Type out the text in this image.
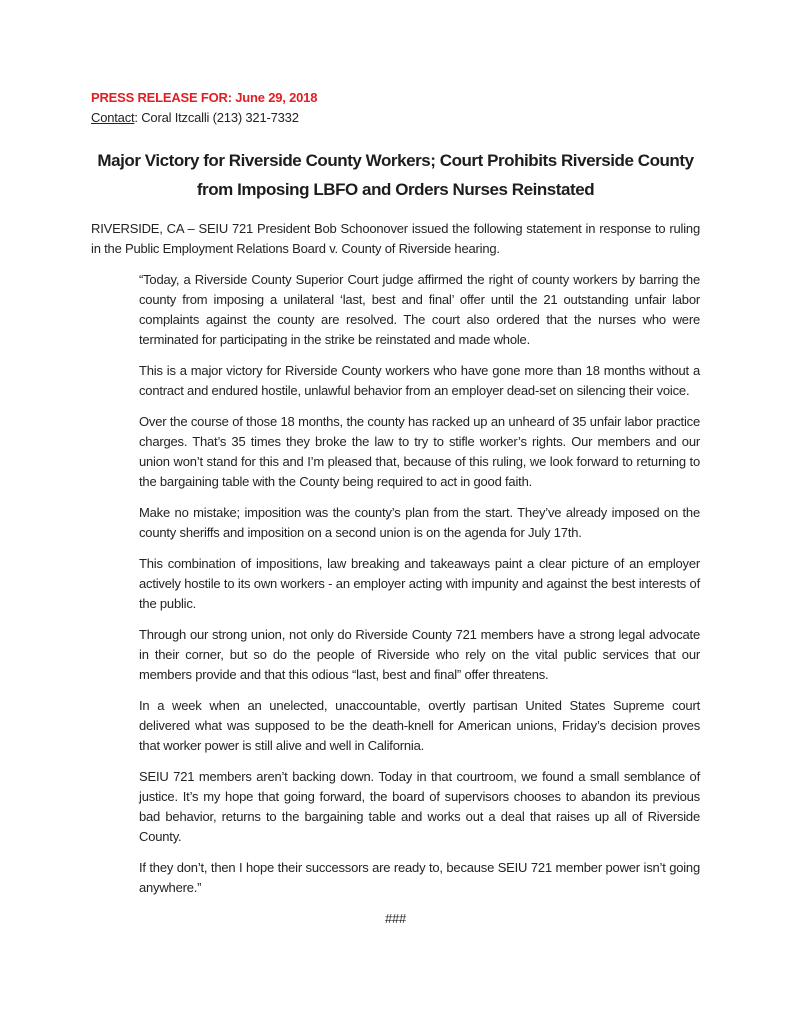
PRESS RELEASE FOR: June 29, 2018

Contact: Coral Itzcalli (213) 321-7332

Major Victory for Riverside County Workers; Court Prohibits Riverside County from Imposing LBFO and Orders Nurses Reinstated

RIVERSIDE, CA – SEIU 721 President Bob Schoonover issued the following statement in response to ruling in the Public Employment Relations Board v. County of Riverside hearing.

“Today, a Riverside County Superior Court judge affirmed the right of county workers by barring the county from imposing a unilateral ‘last, best and final’ offer until the 21 outstanding unfair labor complaints against the county are resolved. The court also ordered that the nurses who were terminated for participating in the strike be reinstated and made whole.

This is a major victory for Riverside County workers who have gone more than 18 months without a contract and endured hostile, unlawful behavior from an employer dead-set on silencing their voice.

Over the course of those 18 months, the county has racked up an unheard of 35 unfair labor practice charges. That’s 35 times they broke the law to try to stifle worker’s rights. Our members and our union won’t stand for this and I’m pleased that, because of this ruling, we look forward to returning to the bargaining table with the County being required to act in good faith.

Make no mistake; imposition was the county’s plan from the start. They’ve already imposed on the county sheriffs and imposition on a second union is on the agenda for July 17th.

This combination of impositions, law breaking and takeaways paint a clear picture of an employer actively hostile to its own workers - an employer acting with impunity and against the best interests of the public.

Through our strong union, not only do Riverside County 721 members have a strong legal advocate in their corner, but so do the people of Riverside who rely on the vital public services that our members provide and that this odious “last, best and final” offer threatens.

In a week when an unelected, unaccountable, overtly partisan United States Supreme court delivered what was supposed to be the death-knell for American unions, Friday’s decision proves that worker power is still alive and well in California.

SEIU 721 members aren’t backing down. Today in that courtroom, we found a small semblance of justice. It’s my hope that going forward, the board of supervisors chooses to abandon its previous bad behavior, returns to the bargaining table and works out a deal that raises up all of Riverside County.

If they don’t, then I hope their successors are ready to, because SEIU 721 member power isn’t going anywhere.”

###
